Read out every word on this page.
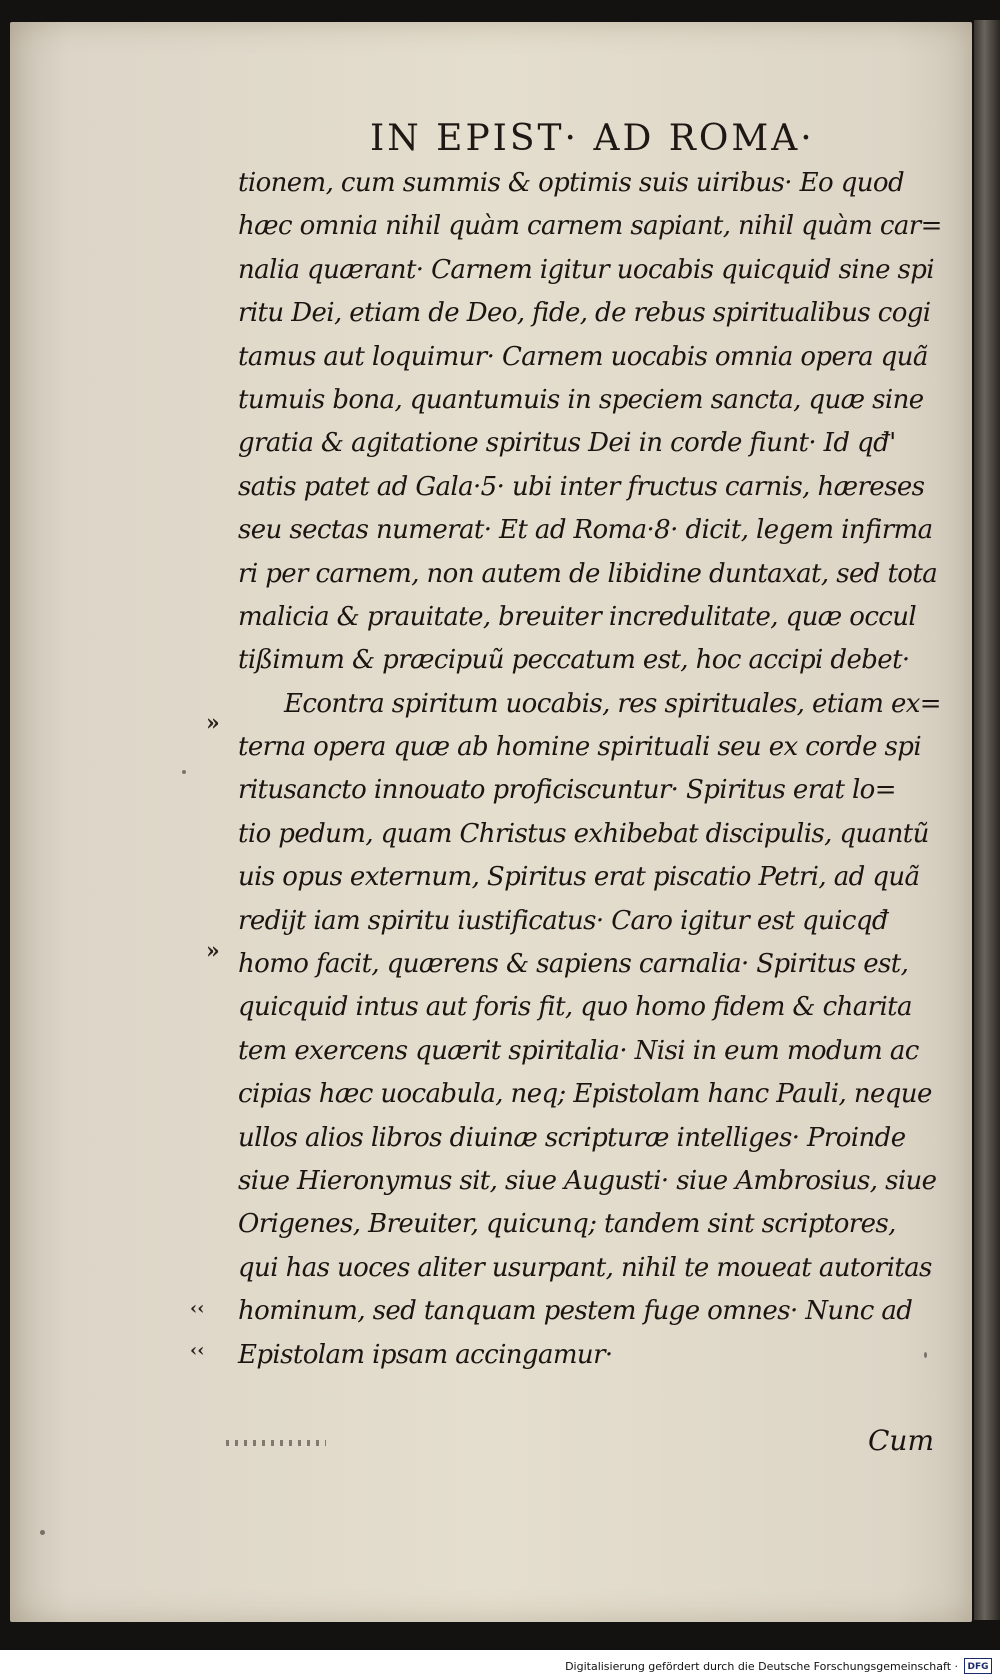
IN EPIST· AD ROMA·
tionem, cum summis & optimis suis uiribus· Eo quod
hæc omnia nihil quàm carnem sapiant, nihil quàm car=
nalia quærant· Carnem igitur uocabis quicquid sine spi
ritu Dei, etiam de Deo, fide, de rebus spiritualibus cogi
tamus aut loquimur· Carnem uocabis omnia opera quã
tumuis bona, quantumuis in speciem sancta, quæ sine
gratia & agitatione spiritus Dei in corde fiunt· Id qđ'
satis patet ad Gala·5· ubi inter fructus carnis, hæreses
seu sectas numerat· Et ad Roma·8· dicit, legem infirma
ri per carnem, non autem de libidine duntaxat, sed tota
malicia & prauitate, breuiter incredulitate, quæ occul
tißimum & præcipuũ peccatum est, hoc accipi debet·
Econtra spiritum uocabis, res spirituales, etiam ex=
terna opera quæ ab homine spirituali seu ex corde spi
ritusancto innouato proficiscuntur· Spiritus erat lo=
tio pedum, quam Christus exhibebat discipulis, quantũ
uis opus externum, Spiritus erat piscatio Petri, ad quã
rediјt iam spiritu iustificatus· Caro igitur est quicqđ
homo facit, quærens & sapiens carnalia· Spiritus est,
quicquid intus aut foris fit, quo homo fidem & charita
tem exercens quærit spiritalia· Nisi in eum modum ac
cipias hæc uocabula, neq; Epistolam hanc Pauli, neque
ullos alios libros diuinæ scripturæ intelliges· Proinde
siue Hieronymus sit, siue Augusti· siue Ambrosius, siue
Origenes, Breuiter, quicunq; tandem sint scriptores,
qui has uoces aliter usurpant, nihil te moueat autoritas
hominum, sed tanquam pestem fuge omnes· Nunc ad
Epistolam ipsam accingamur·
»
»
‹‹
‹‹
Cum
Digitalisierung gefördert durch die Deutsche Forschungsgemeinschaft ·	DFG
